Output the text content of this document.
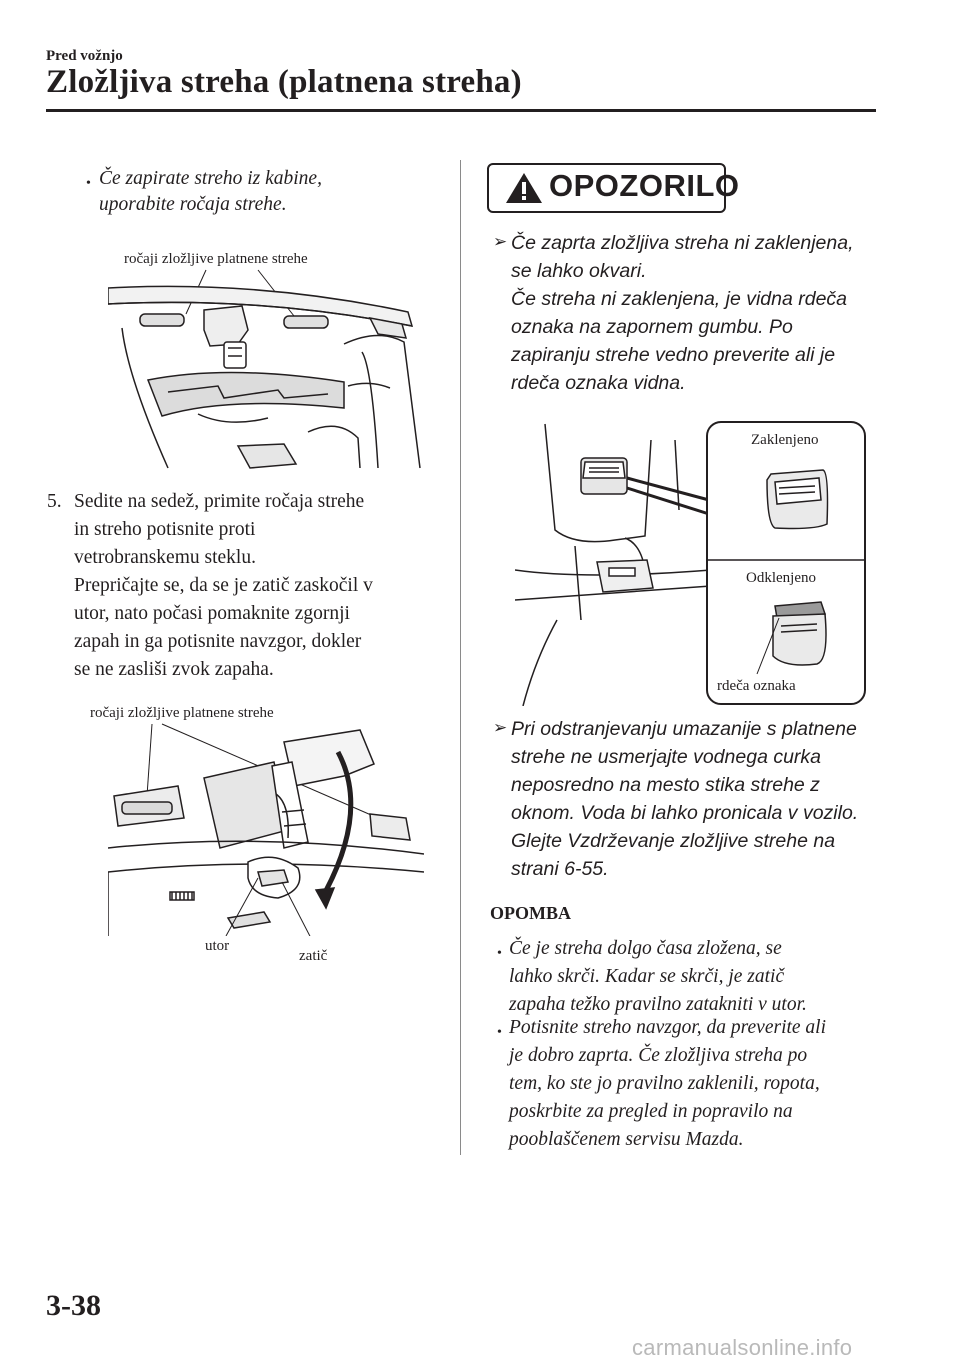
Pred vožnjo
Zložljiva streha (platnena streha)
• Če zapirate streho iz kabine,
uporabite ročaja strehe.
ročaji zložljive platnene strehe
5. Sedite na sedež, primite ročaja strehe
in streho potisnite proti
vetrobranskemu steklu.
Prepričajte se, da se je zatič zaskočil v
utor, nato počasi pomaknite zgornji
zapah in ga potisnite navzgor, dokler
se ne zasliši zvok zapaha.
ročaji zložljive platnene strehe
utor
zatič
OPOZORILO
➢ Če zaprta zložljiva streha ni zaklenjena,
se lahko okvari.
Če streha ni zaklenjena, je vidna rdeča
oznaka na zapornem gumbu. Po
zapiranju strehe vedno preverite ali je
rdeča oznaka vidna.
Zaklenjeno
Odklenjeno
rdeča oznaka
➢ Pri odstranjevanju umazanije s platnene
strehe ne usmerjajte vodnega curka
neposredno na mesto stika strehe z
oknom. Voda bi lahko pronicala v vozilo.
Glejte Vzdrževanje zložljive strehe na
strani 6-55.
OPOMBA
• Če je streha dolgo časa zložena, se
lahko skrči. Kadar se skrči, je zatič
zapaha težko pravilno zatakniti v utor.
• Potisnite streho navzgor, da preverite ali
je dobro zaprta. Če zložljiva streha po
tem, ko ste jo pravilno zaklenili, ropota,
poskrbite za pregled in popravilo na
pooblaščenem servisu Mazda.
3-38
carmanualsonline.info
